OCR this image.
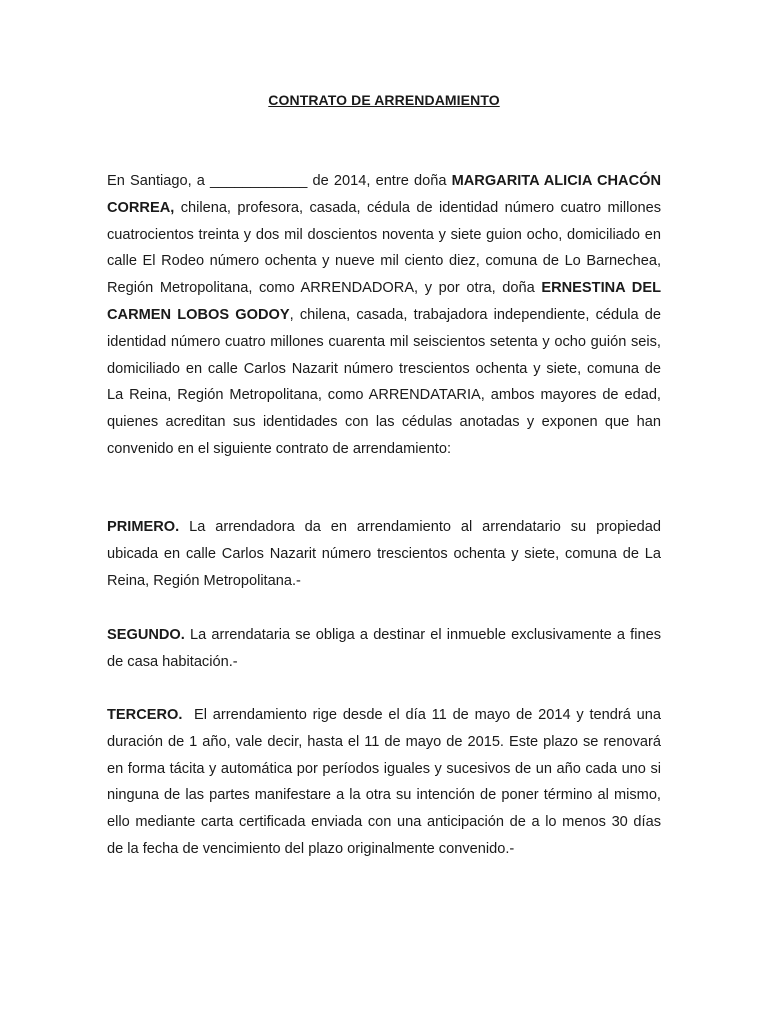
CONTRATO DE ARRENDAMIENTO

En Santiago, a ____________ de 2014, entre doña MARGARITA ALICIA CHACÓN CORREA, chilena, profesora, casada, cédula de identidad número cuatro millones cuatrocientos treinta y dos mil doscientos noventa y siete guion ocho, domiciliado en calle El Rodeo número ochenta y nueve mil ciento diez, comuna de Lo Barnechea, Región Metropolitana, como ARRENDADORA, y por otra, doña ERNESTINA DEL CARMEN LOBOS GODOY, chilena, casada, trabajadora independiente, cédula de identidad número cuatro millones cuarenta mil seiscientos setenta y ocho guión seis, domiciliado en calle Carlos Nazarit número trescientos ochenta y siete, comuna de La Reina, Región Metropolitana, como ARRENDATARIA, ambos mayores de edad, quienes acreditan sus identidades con las cédulas anotadas y exponen que han convenido en el siguiente contrato de arrendamiento:

PRIMERO. La arrendadora da en arrendamiento al arrendatario su propiedad ubicada en calle Carlos Nazarit número trescientos ochenta y siete, comuna de La Reina, Región Metropolitana.-

SEGUNDO. La arrendataria se obliga a destinar el inmueble exclusivamente a fines de casa habitación.-

TERCERO.  El arrendamiento rige desde el día 11 de mayo de 2014 y tendrá una duración de 1 año, vale decir, hasta el 11 de mayo de 2015. Este plazo se renovará  en forma tácita y automática por períodos iguales y sucesivos de un año cada uno si ninguna de las partes manifestare a la otra su intención de poner término al mismo, ello mediante carta certificada enviada con una anticipación de a lo menos 30 días de la fecha de vencimiento del plazo originalmente convenido.-
